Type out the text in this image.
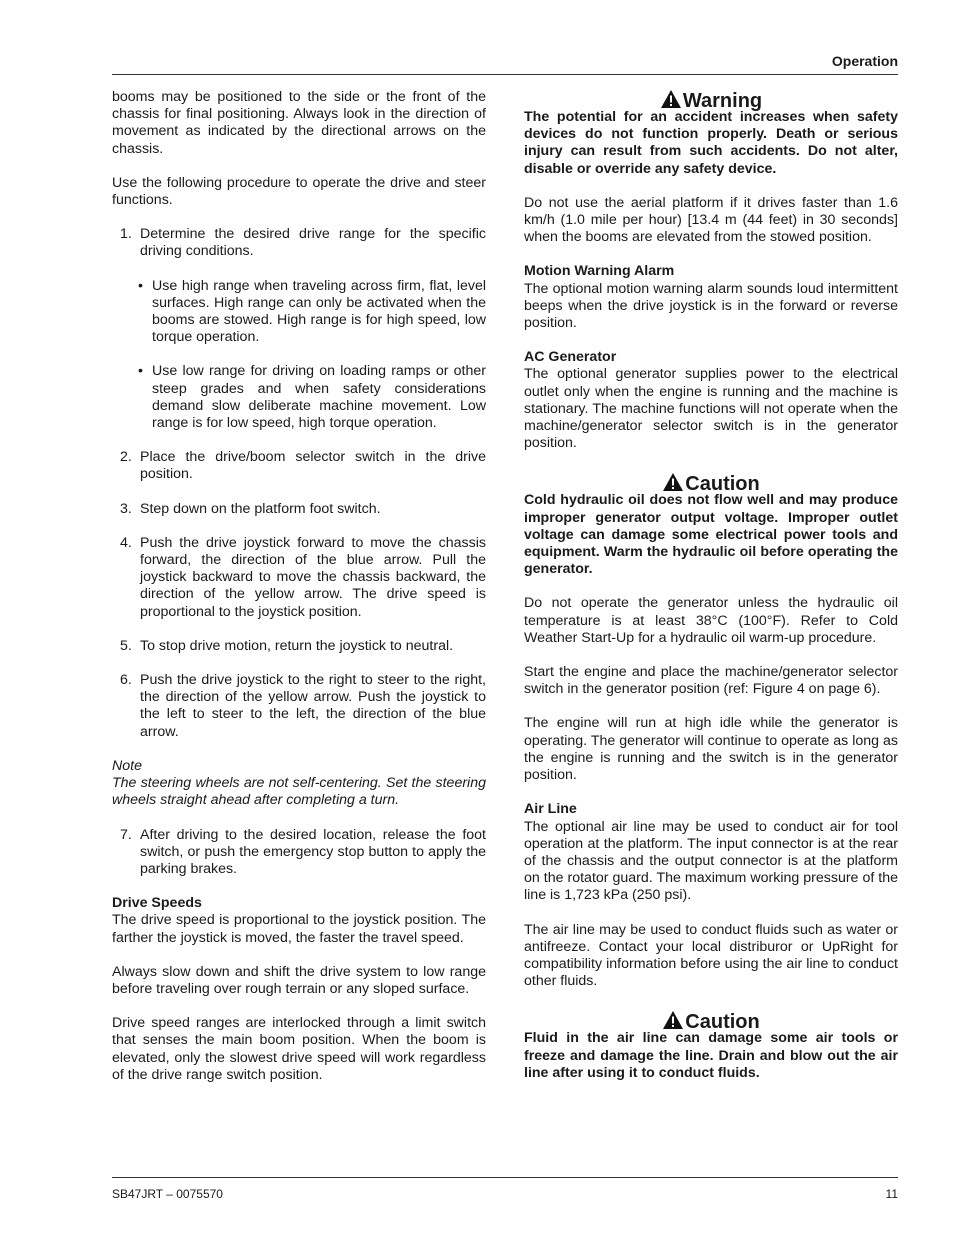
Operation

booms may be positioned to the side or the front of the chassis for final positioning. Always look in the direction of movement as indicated by the directional arrows on the chassis.

Use the following procedure to operate the drive and steer functions.

1. Determine the desired drive range for the specific driving conditions.
• Use high range when traveling across firm, flat, level surfaces. High range can only be activated when the booms are stowed. High range is for high speed, low torque operation.
• Use low range for driving on loading ramps or other steep grades and when safety considerations demand slow deliberate machine movement. Low range is for low speed, high torque operation.
2. Place the drive/boom selector switch in the drive position.
3. Step down on the platform foot switch.
4. Push the drive joystick forward to move the chassis forward, the direction of the blue arrow. Pull the joystick backward to move the chassis backward, the direction of the yellow arrow. The drive speed is proportional to the joystick position.
5. To stop drive motion, return the joystick to neutral.
6. Push the drive joystick to the right to steer to the right, the direction of the yellow arrow. Push the joystick to the left to steer to the left, the direction of the blue arrow.

Note

The steering wheels are not self-centering. Set the steering wheels straight ahead after completing a turn.

7. After driving to the desired location, release the foot switch, or push the emergency stop button to apply the parking brakes.

Drive Speeds

The drive speed is proportional to the joystick position. The farther the joystick is moved, the faster the travel speed.

Always slow down and shift the drive system to low range before traveling over rough terrain or any sloped surface.

Drive speed ranges are interlocked through a limit switch that senses the main boom position. When the boom is elevated, only the slowest drive speed will work regardless of the drive range switch position.

Warning

The potential for an accident increases when safety devices do not function properly. Death or serious injury can result from such accidents. Do not alter, disable or override any safety device.

Do not use the aerial platform if it drives faster than 1.6 km/h (1.0 mile per hour) [13.4 m (44 feet) in 30 seconds] when the booms are elevated from the stowed position.

Motion Warning Alarm

The optional motion warning alarm sounds loud intermittent beeps when the drive joystick is in the forward or reverse position.

AC Generator

The optional generator supplies power to the electrical outlet only when the engine is running and the machine is stationary. The machine functions will not operate when the machine/generator selector switch is in the generator position.

Caution

Cold hydraulic oil does not flow well and may produce improper generator output voltage. Improper outlet voltage can damage some electrical power tools and equipment. Warm the hydraulic oil before operating the generator.

Do not operate the generator unless the hydraulic oil temperature is at least 38°C (100°F). Refer to Cold Weather Start-Up for a hydraulic oil warm-up procedure.

Start the engine and place the machine/generator selector switch in the generator position (ref: Figure 4 on page 6).

The engine will run at high idle while the generator is operating. The generator will continue to operate as long as the engine is running and the switch is in the generator position.

Air Line

The optional air line may be used to conduct air for tool operation at the platform. The input connector is at the rear of the chassis and the output connector is at the platform on the rotator guard. The maximum working pressure of the line is 1,723 kPa (250 psi).

The air line may be used to conduct fluids such as water or antifreeze. Contact your local distriburor or UpRight for compatibility information before using the air line to conduct other fluids.

Caution

Fluid in the air line can damage some air tools or freeze and damage the line. Drain and blow out the air line after using it to conduct fluids.

SB47JRT – 0075570	11
